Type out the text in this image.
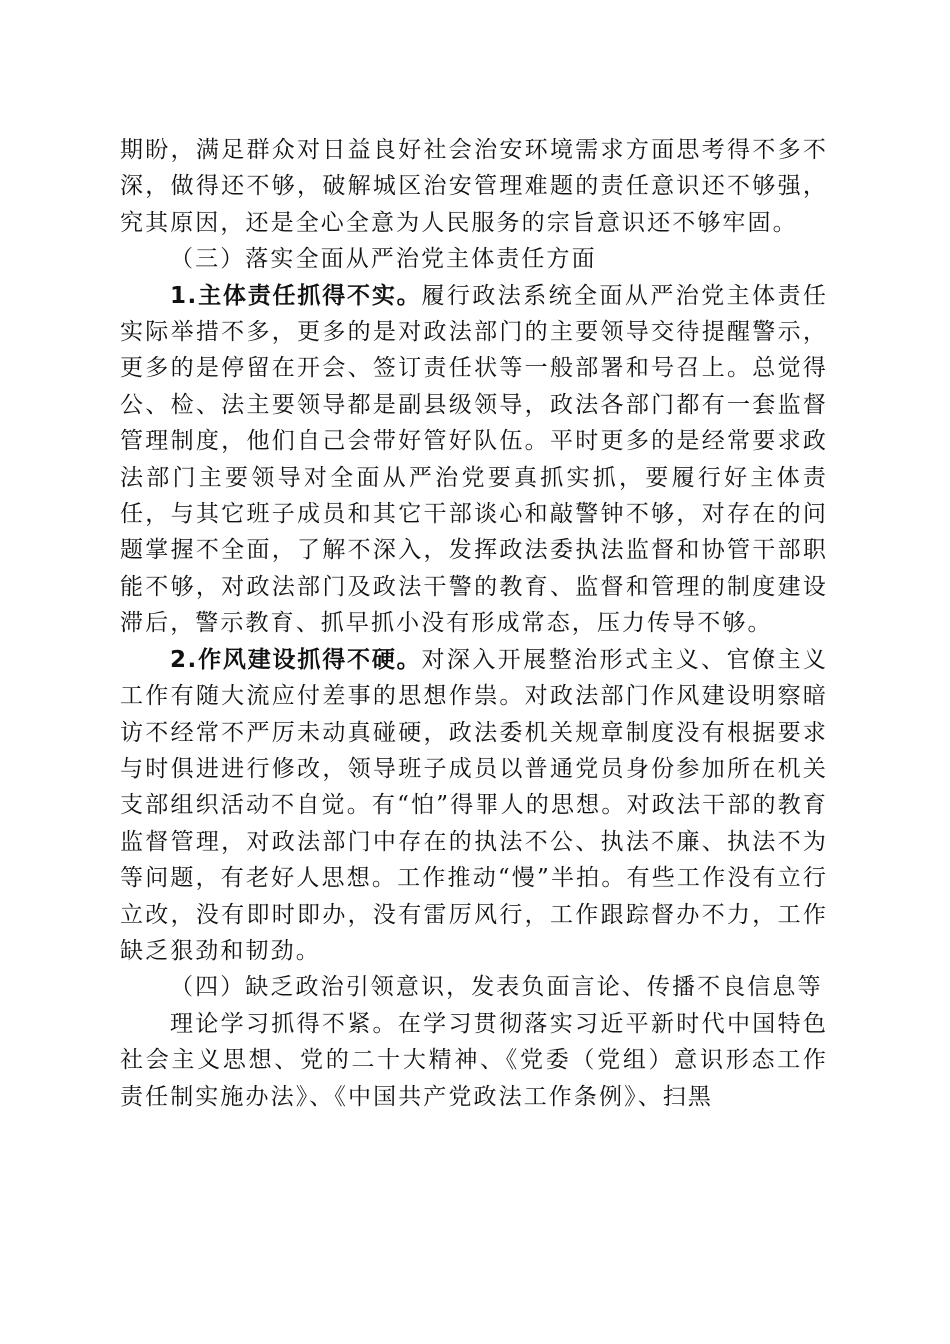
期盼，满足群众对日益良好社会治安环境需求方面思考得不多不深，做得还不够，破解城区治安管理难题的责任意识还不够强，究其原因，还是全心全意为人民服务的宗旨意识还不够牢固。

（三）落实全面从严治党主体责任方面

1.主体责任抓得不实。履行政法系统全面从严治党主体责任实际举措不多，更多的是对政法部门的主要领导交待提醒警示，更多的是停留在开会、签订责任状等一般部署和号召上。总觉得公、检、法主要领导都是副县级领导，政法各部门都有一套监督管理制度，他们自己会带好管好队伍。平时更多的是经常要求政法部门主要领导对全面从严治党要真抓实抓，要履行好主体责任，与其它班子成员和其它干部谈心和敲警钟不够，对存在的问题掌握不全面，了解不深入，发挥政法委执法监督和协管干部职能不够，对政法部门及政法干警的教育、监督和管理的制度建设滞后，警示教育、抓早抓小没有形成常态，压力传导不够。

2.作风建设抓得不硬。对深入开展整治形式主义、官僚主义工作有随大流应付差事的思想作祟。对政法部门作风建设明察暗访不经常不严厉未动真碰硬，政法委机关规章制度没有根据要求与时俱进进行修改，领导班子成员以普通党员身份参加所在机关支部组织活动不自觉。有“怕”得罪人的思想。对政法干部的教育监督管理，对政法部门中存在的执法不公、执法不廉、执法不为等问题，有老好人思想。工作推动“慢”半拍。有些工作没有立行立改，没有即时即办，没有雷厉风行，工作跟踪督办不力，工作缺乏狠劲和韧劲。

（四）缺乏政治引领意识，发表负面言论、传播不良信息等

理论学习抓得不紧。在学习贯彻落实习近平新时代中国特色社会主义思想、党的二十大精神、《党委（党组）意识形态工作责任制实施办法》、《中国共产党政法工作条例》、扫黑
